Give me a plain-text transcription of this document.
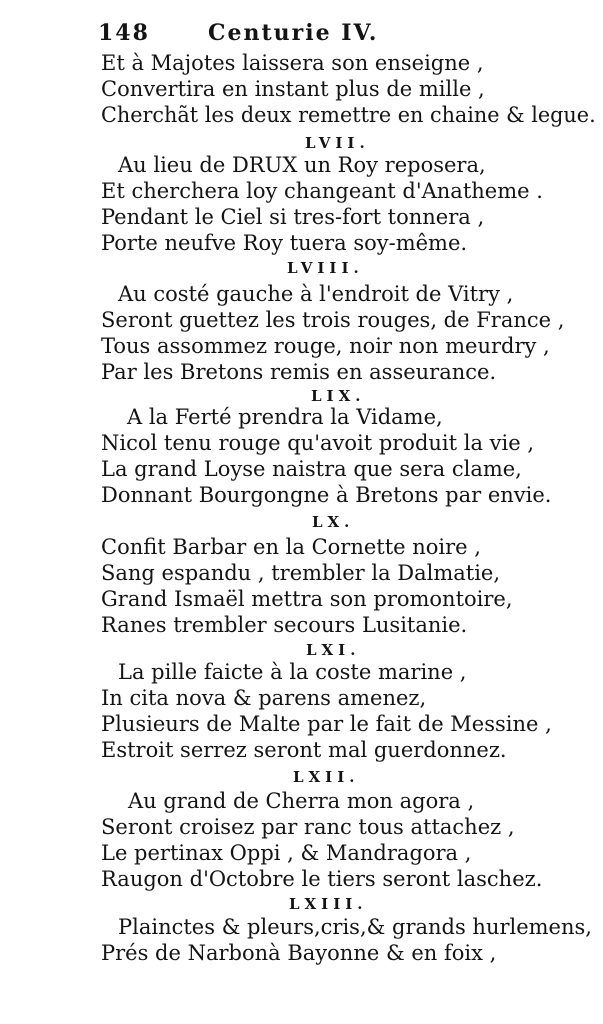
148	Centurie IV.
Et à Majotes laissera son enseigne ,
Convertira en instant plus de mille ,
Cherchãt les deux remettre en chaine & legue.
LVII.
Au lieu de DRUX un Roy reposera,
Et cherchera loy changeant d'Anatheme .
Pendant le Ciel si tres-fort tonnera ,
Porte neufve Roy tuera soy-même.
LVIII.
Au costé gauche à l'endroit de Vitry ,
Seront guettez les trois rouges, de France ,
Tous assommez rouge, noir non meurdry ,
Par les Bretons remis en asseurance.
LIX.
A la Ferté prendra la Vidame,
Nicol tenu rouge qu'avoit produit la vie ,
La grand Loyse naistra que sera clame,
Donnant Bourgongne à Bretons par envie.
LX.
Confit Barbar en la Cornette noire ,
Sang espandu , trembler la Dalmatie,
Grand Ismaël mettra son promontoire,
Ranes trembler secours Lusitanie.
LXI.
La pille faicte à la coste marine ,
In cita nova & parens amenez,
Plusieurs de Malte par le fait de Messine ,
Estroit serrez seront mal guerdonnez.
LXII.
Au grand de Cherra mon agora ,
Seront croisez par ranc tous attachez ,
Le pertinax Oppi , & Mandragora ,
Raugon d'Octobre le tiers seront laschez.
LXIII.
Plainctes & pleurs,cris,& grands hurlemens,
Prés de Narbonà Bayonne & en foix ,
